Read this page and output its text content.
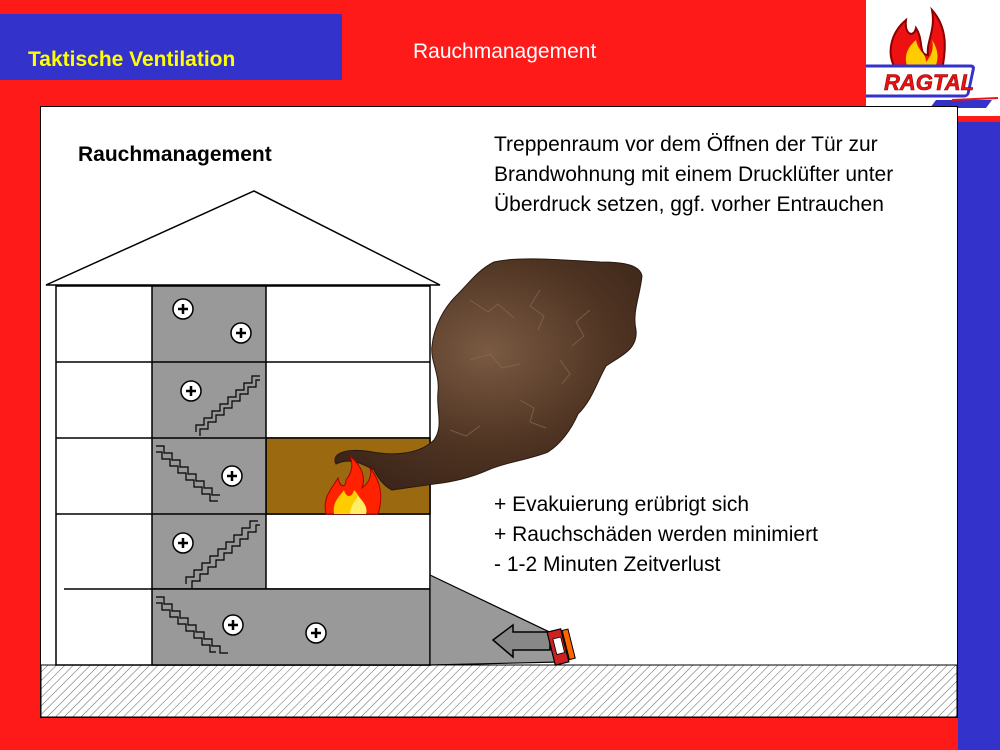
Taktische Ventilation	Rauchmanagement
RAGTAL
Rauchmanagement	Treppenraum vor dem Öffnen der Tür zur Brandwohnung mit einem Drucklüfter unter Überdruck setzen, ggf. vorher Entrauchen
+ Evakuierung erübrigt sich
+ Rauchschäden werden minimiert
- 1-2 Minuten Zeitverlust
